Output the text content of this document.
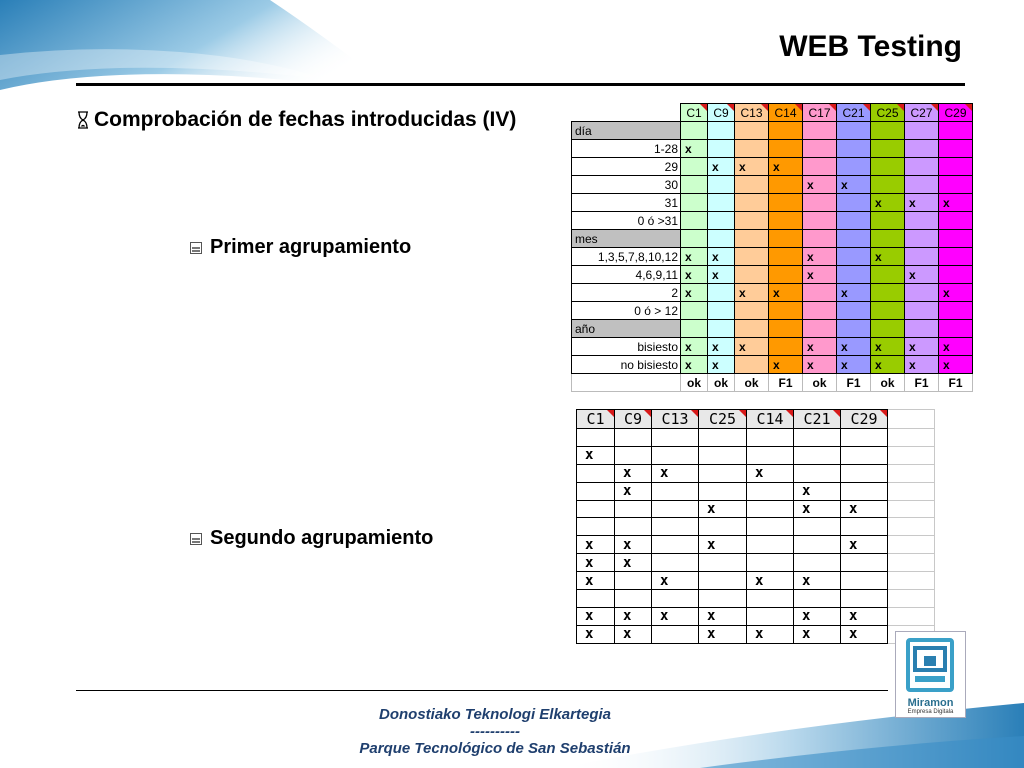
WEB Testing
Comprobación de fechas introducidas (IV)
Primer agrupamiento
Segundo agrupamiento
	C1	C9	C13	C14	C17	C21	C25	C27	C29

día									
1-28	x								
29		x	x	x					
30					x	x			
31							x	x	x
0 ó >31									
mes									
1,3,5,7,8,10,12	x	x			x		x		
4,6,9,11	x	x			x			x	
2	x		x	x		x			x
0 ó > 12									
año									
bisiesto	x	x	x		x	x	x	x	x
no bisiesto	x	x		x	x	x	x	x	x
	ok	ok	ok	F1	ok	F1	ok	F1	F1
C1	C9	C13	C25	C14	C21	C29

x							
	x	x		x			
	x				x		
			x		x	x	

x	x		x			x	
x	x						
x		x		x	x		

x	x	x	x		x	x	
x	x		x	x	x	x	
Donostiako Teknologi Elkartegia
----------
Parque Tecnológico de San Sebastián
Miramon
Empresa Digitala
